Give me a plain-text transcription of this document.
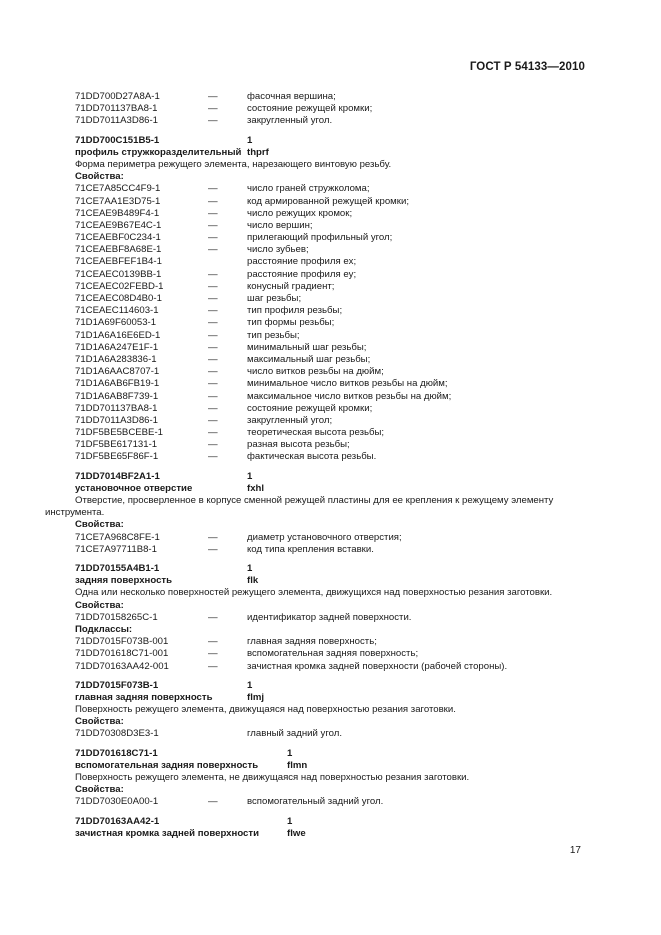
ГОСТ Р 54133—2010
71DD700D27A8A-1	—	фасочная вершина;
71DD701137BA8-1	—	состояние режущей кромки;
71DD7011A3D86-1	—	закругленный угол.
71DD700C151B5-1	1
профиль стружкоразделительный thprf
Форма периметра режущего элемента, нарезающего винтовую резьбу.
Свойства:
71CE7A85CC4F9-1	—	число граней стружколома;
71CE7AA1E3D75-1	—	код армированной режущей кромки;
71CEAE9B489F4-1	—	число режущих кромок;
71CEAE9B67E4C-1	—	число вершин;
71CEAEBF0C234-1	—	прилегающий профильный угол;
71CEAEBF8A68E-1	—	число зубьев;
71CEAEBFEF1B4-1	расстояние профиля ex;
71CEAEC0139BB-1	—	расстояние профиля ey;
71CEAEC02FEBD-1	—	конусный градиент;
71CEAEC08D4B0-1	—	шаг резьбы;
71CEAEC114603-1	—	тип профиля резьбы;
71D1A69F60053-1	—	тип формы резьбы;
71D1A6A16E6ED-1	—	тип резьбы;
71D1A6A247E1F-1	—	минимальный шаг резьбы;
71D1A6A283836-1	—	максимальный шаг резьбы;
71D1A6AAC8707-1	—	число витков резьбы на дюйм;
71D1A6AB6FB19-1	—	минимальное число витков резьбы на дюйм;
71D1A6AB8F739-1	—	максимальное число витков резьбы на дюйм;
71DD701137BA8-1	—	состояние режущей кромки;
71DD7011A3D86-1	—	закругленный угол;
71DF5BE5BCEBE-1	—	теоретическая высота резьбы;
71DF5BE617131-1	—	разная высота резьбы;
71DF5BE65F86F-1	—	фактическая высота резьбы.
71DD7014BF2A1-1	1
установочное отверстие	fxhl
Отверстие, просверленное в корпусе сменной режущей пластины для ее крепления к режущему элементу
инструмента.
Свойства:
71CE7A968C8FE-1	—	диаметр установочного отверстия;
71CE7A97711B8-1	—	код типа крепления вставки.
71DD70155A4B1-1	1
задняя поверхность	flk
Одна или несколько поверхностей режущего элемента, движущихся над поверхностью резания заготовки.
Свойства:
71DD70158265C-1	—	идентификатор задней поверхности.
Подклассы:
71DD7015F073B-001	—	главная задняя поверхность;
71DD701618C71-001	—	вспомогательная задняя поверхность;
71DD70163AA42-001	—	зачистная кромка задней поверхности (рабочей стороны).
71DD7015F073B-1	1
главная задняя поверхность	flmj
Поверхность режущего элемента, движущаяся над поверхностью резания заготовки.
Свойства:
71DD70308D3E3-1	главный задний угол.
71DD701618C71-1	1
вспомогательная задняя поверхность	flmn
Поверхность режущего элемента, не движущаяся над поверхностью резания заготовки.
Свойства:
71DD7030E0A00-1	—	вспомогательный задний угол.
71DD70163AA42-1	1
зачистная кромка задней поверхности	flwe
17
